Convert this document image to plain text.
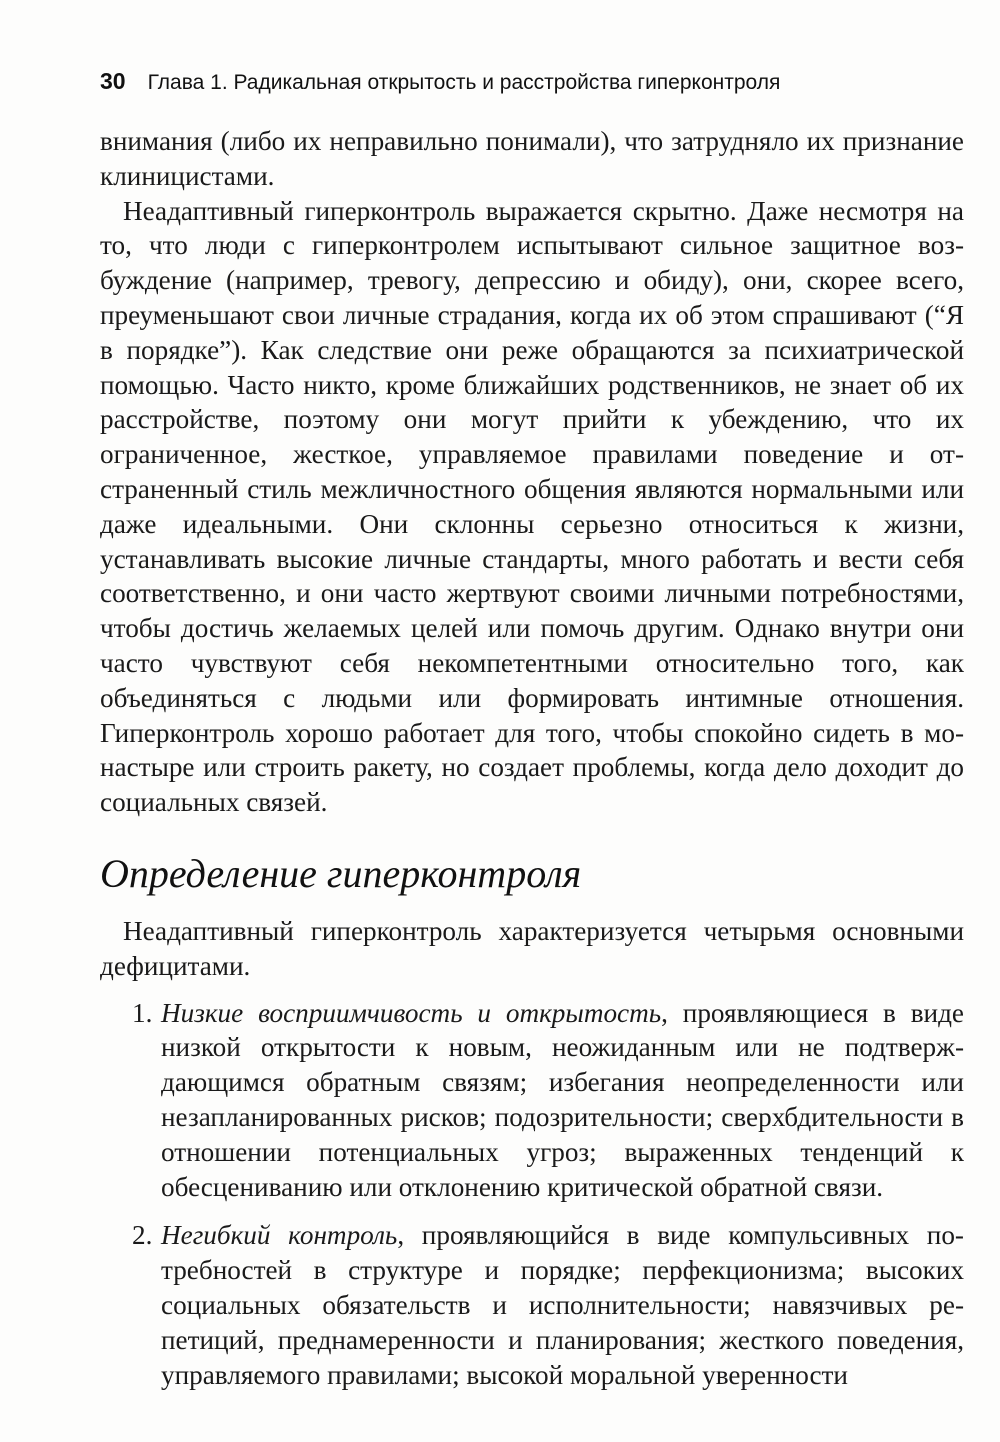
30 Глава 1. Радикальная открытость и расстройства гиперконтроля

внимания (либо их неправильно понимали), что затрудняло их признание клиницистами.

Неадаптивный гиперконтроль выражается скрытно. Даже несмотря на то, что люди с гиперконтролем испытывают сильное защитное возбуждение (например, тревогу, депрессию и обиду), они, скорее всего, преуменьшают свои личные страдания, когда их об этом спрашивают (“Я в порядке”). Как следствие они реже обращаются за психиатрической помощью. Часто никто, кроме ближайших родственников, не знает об их расстройстве, поэтому они могут прийти к убеждению, что их ограниченное, жесткое, управляемое правилами поведение и отстраненный стиль межличностного общения являются нормальными или даже идеальными. Они склонны серьезно относиться к жизни, устанавливать высокие личные стандарты, много работать и вести себя соответственно, и они часто жертвуют своими личными потребностями, чтобы достичь желаемых целей или помочь другим. Однако внутри они часто чувствуют себя некомпетентными относительно того, как объединяться с людьми или формировать интимные отношения. Гиперконтроль хорошо работает для того, чтобы спокойно сидеть в монастыре или строить ракету, но создает проблемы, когда дело доходит до социальных связей.

Определение гиперконтроля

Неадаптивный гиперконтроль характеризуется четырьмя основными дефицитами.

1. Низкие восприимчивость и открытость, проявляющиеся в виде низкой открытости к новым, неожиданным или не подтверждающимся обратным связям; избегания неопределенности или незапланированных рисков; подозрительности; сверхбдительности в отношении потенциальных угроз; выраженных тенденций к обесцениванию или отклонению критической обратной связи.
2. Негибкий контроль, проявляющийся в виде компульсивных потребностей в структуре и порядке; перфекционизма; высоких социальных обязательств и исполнительности; навязчивых репетиций, преднамеренности и планирования; жесткого поведения, управляемого правилами; высокой моральной уверенности
